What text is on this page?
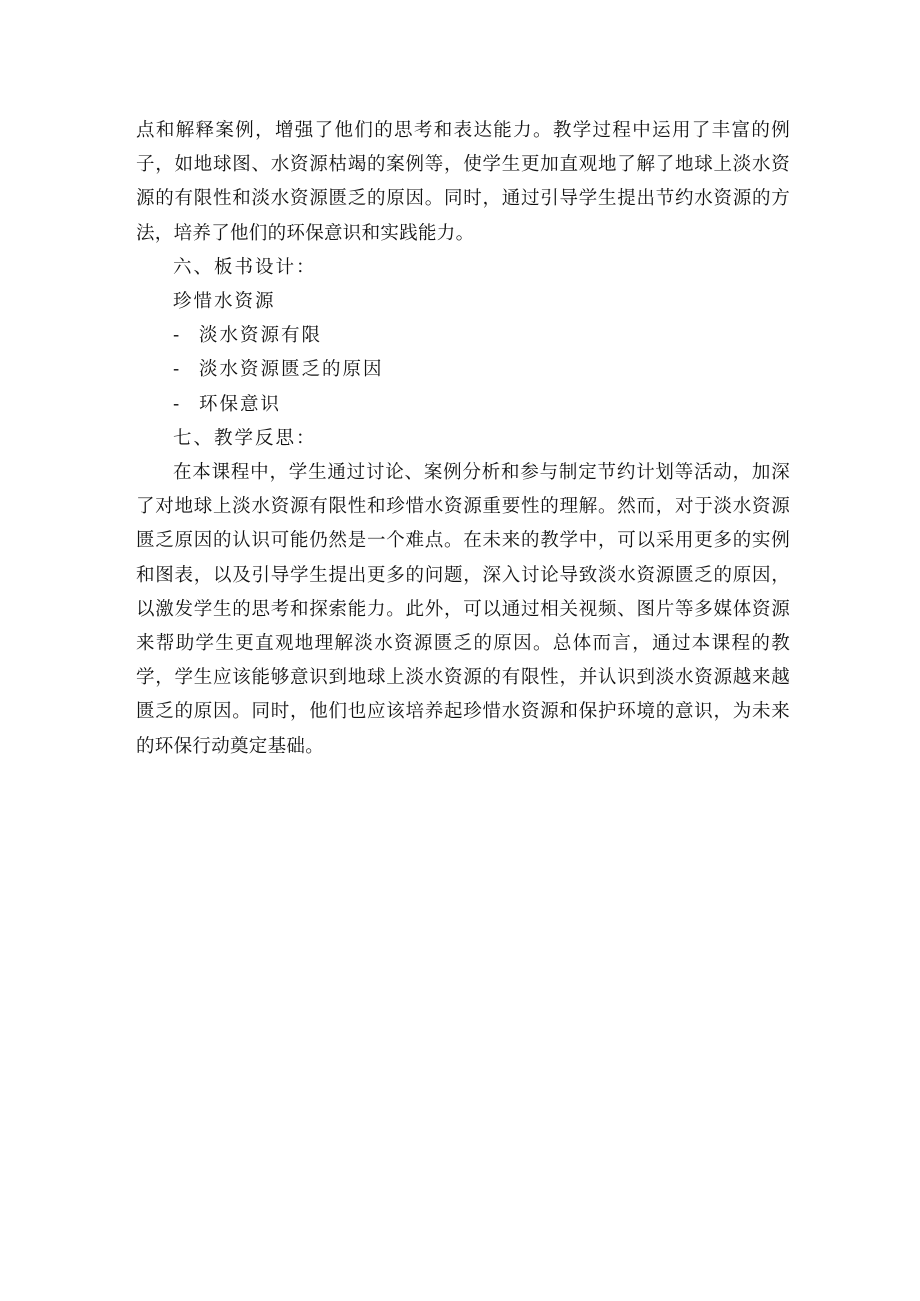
点和解释案例，增强了他们的思考和表达能力。教学过程中运用了丰富的例子，如地球图、水资源枯竭的案例等，使学生更加直观地了解了地球上淡水资源的有限性和淡水资源匮乏的原因。同时，通过引导学生提出节约水资源的方法，培养了他们的环保意识和实践能力。

六、板书设计：

珍惜水资源

- 淡水资源有限

- 淡水资源匮乏的原因

- 环保意识

七、教学反思：

在本课程中，学生通过讨论、案例分析和参与制定节约计划等活动，加深了对地球上淡水资源有限性和珍惜水资源重要性的理解。然而，对于淡水资源匮乏原因的认识可能仍然是一个难点。在未来的教学中，可以采用更多的实例和图表，以及引导学生提出更多的问题，深入讨论导致淡水资源匮乏的原因，以激发学生的思考和探索能力。此外，可以通过相关视频、图片等多媒体资源来帮助学生更直观地理解淡水资源匮乏的原因。总体而言，通过本课程的教学，学生应该能够意识到地球上淡水资源的有限性，并认识到淡水资源越来越匮乏的原因。同时，他们也应该培养起珍惜水资源和保护环境的意识，为未来的环保行动奠定基础。
